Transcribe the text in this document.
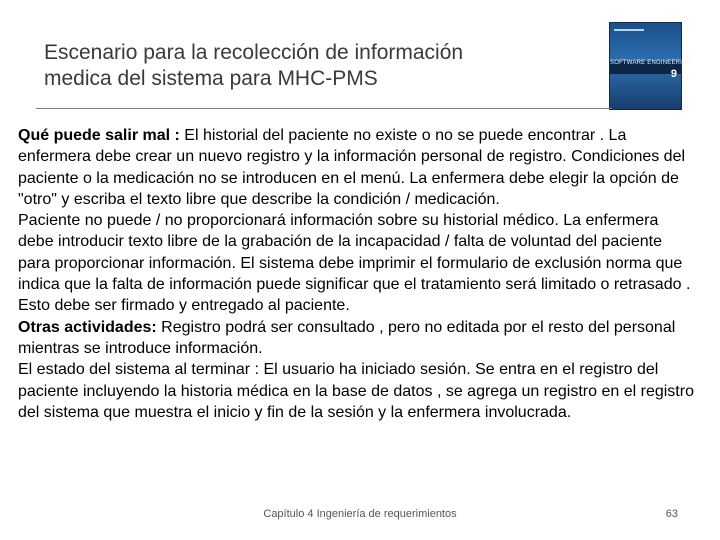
Escenario para la recolección de información
medica del sistema para MHC-PMS
SOFTWARE ENGINEERING
9

Qué puede salir mal : El historial del paciente no existe o no se puede encontrar . La enfermera debe crear un nuevo registro y la información personal de registro. Condiciones del paciente o la medicación no se introducen en el menú. La enfermera debe elegir la opción de "otro" y escriba el texto libre que describe la condición / medicación.

Paciente no puede / no proporcionará información sobre su historial médico. La enfermera debe introducir texto libre de la grabación de la incapacidad / falta de voluntad del paciente para proporcionar información. El sistema debe imprimir el formulario de exclusión norma que indica que la falta de información puede significar que el tratamiento será limitado o retrasado . Esto debe ser firmado y entregado al paciente.

Otras actividades: Registro podrá ser consultado , pero no editada por el resto del personal mientras se introduce información.

El estado del sistema al terminar : El usuario ha iniciado sesión. Se entra en el registro del paciente incluyendo la historia médica en la base de datos , se agrega un registro en el registro del sistema que muestra el inicio y fin de la sesión y la enfermera involucrada.

Capítulo 4 Ingeniería de requerimientos	63
